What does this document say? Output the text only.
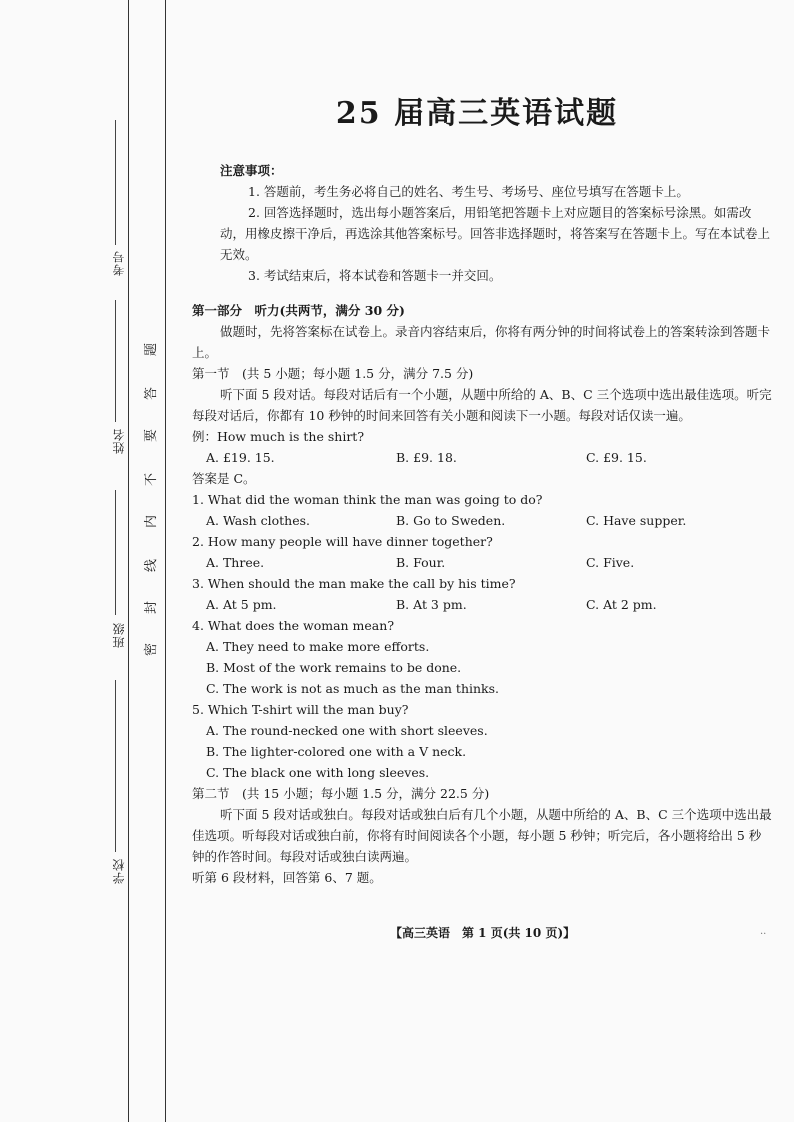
考号
姓名
班级
学校
题
答
要
不
内
线
封
密
25 届高三英语试题

注意事项：

1. 答题前，考生务必将自己的姓名、考生号、考场号、座位号填写在答题卡上。

2. 回答选择题时，选出每小题答案后，用铅笔把答题卡上对应题目的答案标号涂黑。如需改动，用橡皮擦干净后，再选涂其他答案标号。回答非选择题时，将答案写在答题卡上。写在本试卷上无效。

3. 考试结束后，将本试卷和答题卡一并交回。

第一部分　听力(共两节，满分 30 分)

做题时，先将答案标在试卷上。录音内容结束后，你将有两分钟的时间将试卷上的答案转涂到答题卡上。

第一节　(共 5 小题；每小题 1.5 分，满分 7.5 分)

听下面 5 段对话。每段对话后有一个小题，从题中所给的 A、B、C 三个选项中选出最佳选项。听完每段对话后，你都有 10 秒钟的时间来回答有关小题和阅读下一小题。每段对话仅读一遍。

例：How much is the shirt?

A. £19. 15.	B. £9. 18.	C. £9. 15.

答案是 C。

1. What did the woman think the man was going to do?

A. Wash clothes.	B. Go to Sweden.	C. Have supper.

2. How many people will have dinner together?

A. Three.	B. Four.	C. Five.

3. When should the man make the call by his time?

A. At 5 pm.	B. At 3 pm.	C. At 2 pm.

4. What does the woman mean?

A. They need to make more efforts.

B. Most of the work remains to be done.

C. The work is not as much as the man thinks.

5. Which T-shirt will the man buy?

A. The round-necked one with short sleeves.

B. The lighter-colored one with a V neck.

C. The black one with long sleeves.

第二节　(共 15 小题；每小题 1.5 分，满分 22.5 分)

听下面 5 段对话或独白。每段对话或独白后有几个小题，从题中所给的 A、B、C 三个选项中选出最佳选项。听每段对话或独白前，你将有时间阅读各个小题，每小题 5 秒钟；听完后，各小题将给出 5 秒钟的作答时间。每段对话或独白读两遍。

听第 6 段材料，回答第 6、7 题。

【高三英语　第 1 页(共 10 页)】	..
